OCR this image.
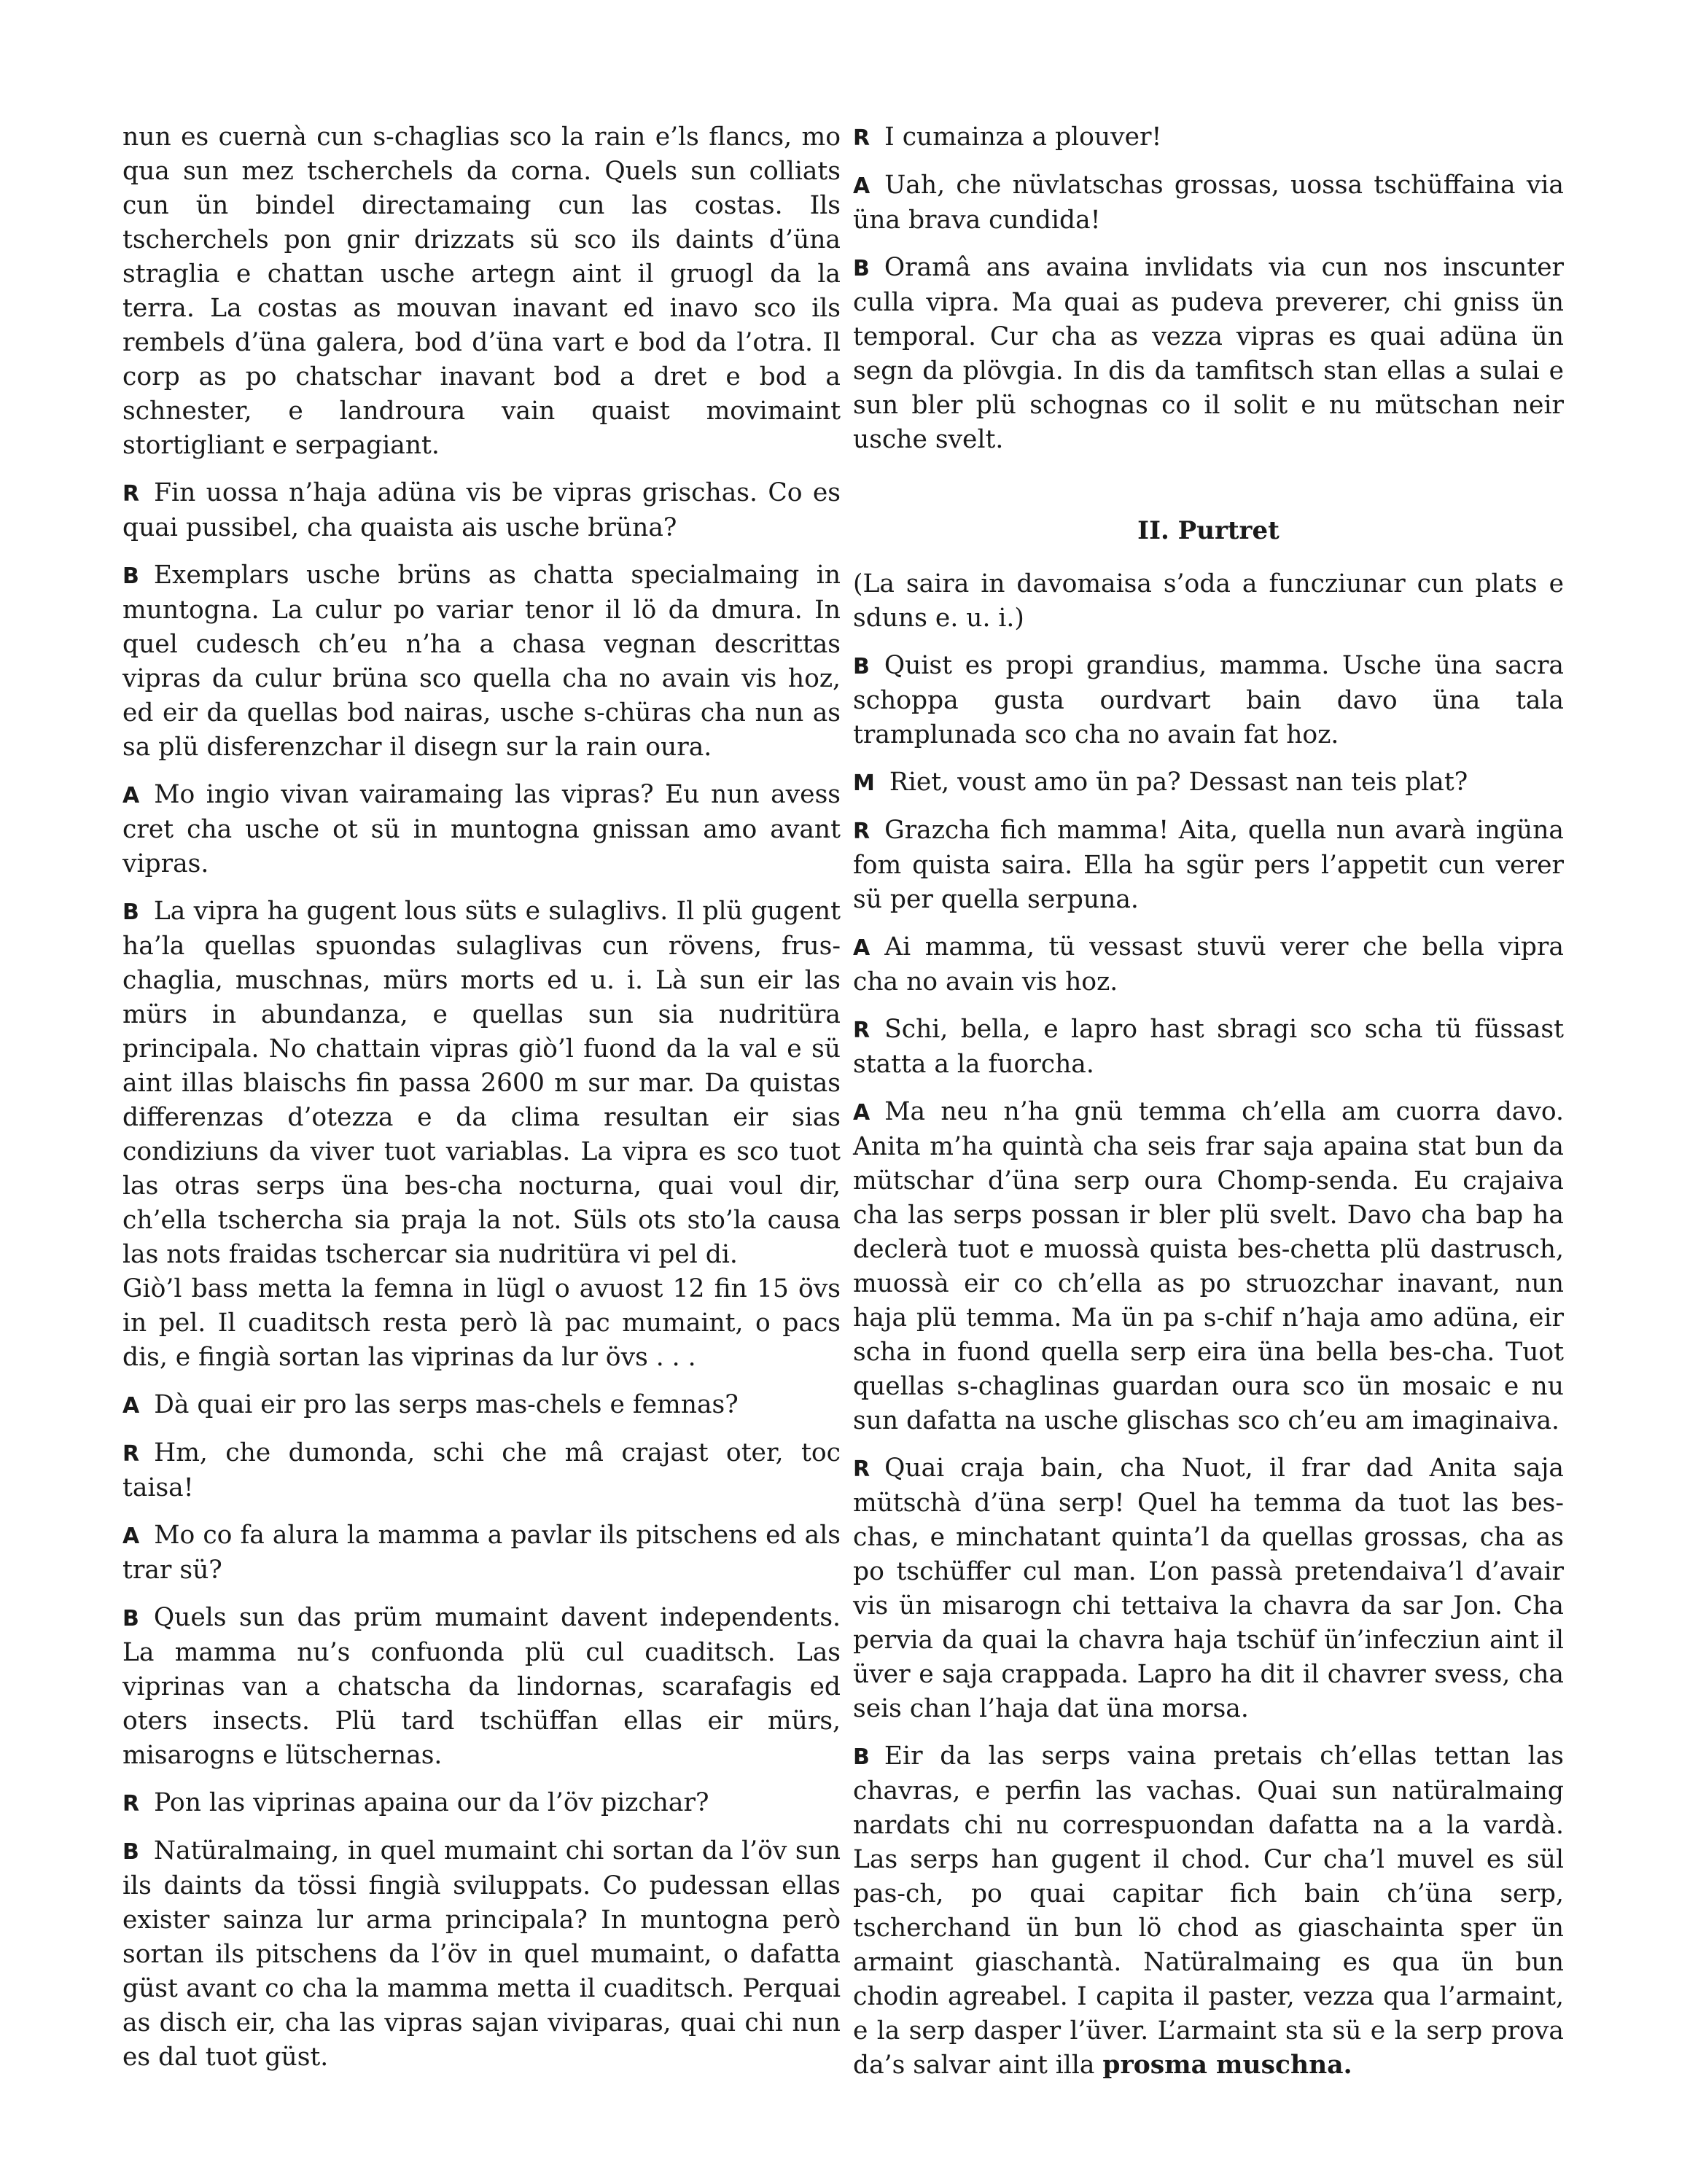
nun es cuernà cun s-chaglias sco la rain e’ls flancs, mo qua sun mez tscherchels da corna. Quels sun colliats cun ün bindel directamaing cun las costas. Ils tscherchels pon gnir drizzats sü sco ils daints d’üna straglia e chattan usche artegn aint il gruogl da la terra. La costas as mouvan inavant ed inavo sco ils rembels d’üna galera, bod d’üna vart e bod da l’otra. Il corp as po chatschar inavant bod a dret e bod a schnester, e landroura vain quaist movimaint stortigliant e serpagiant.

R Fin uossa n’haja adüna vis be vipras grischas. Co es quai pussibel, cha quaista ais usche brüna?

B Exemplars usche brüns as chatta specialmaing in muntogna. La culur po variar tenor il lö da dmura. In quel cudesch ch’eu n’ha a chasa vegnan descrittas vipras da culur brüna sco quella cha no avain vis hoz, ed eir da quellas bod nairas, usche s-chüras cha nun as sa plü disferenzchar il disegn sur la rain oura.

A Mo ingio vivan vairamaing las vipras? Eu nun avess cret cha usche ot sü in muntogna gnissan amo avant vipras.

B La vipra ha gugent lous süts e sulaglivs. Il plü gugent ha’la quellas spuondas sulaglivas cun rövens, frus-chaglia, muschnas, mürs morts ed u. i. Là sun eir las mürs in abundanza, e quellas sun sia nudritüra principala. No chattain vipras giò’l fuond da la val e sü aint illas blaischs fin passa 2600 m sur mar. Da quistas differenzas d’otezza e da clima resultan eir sias condiziuns da viver tuot variablas. La vipra es sco tuot las otras serps üna bes-cha nocturna, quai voul dir, ch’ella tschercha sia praja la not. Süls ots sto’la causa las nots fraidas tschercar sia nudritüra vi pel di.

Giò’l bass metta la femna in lügl o avuost 12 fin 15 övs in pel. Il cuaditsch resta però là pac mumaint, o pacs dis, e fingià sortan las viprinas da lur övs . . .

A Dà quai eir pro las serps mas-chels e femnas?

R Hm, che dumonda, schi che mâ crajast oter, toc taisa!

A Mo co fa alura la mamma a pavlar ils pitschens ed als trar sü?

B Quels sun das prüm mumaint davent independents. La mamma nu’s confuonda plü cul cuaditsch. Las viprinas van a chatscha da lindornas, scarafagis ed oters insects. Plü tard tschüffan ellas eir mürs, misarogns e lütschernas.

R Pon las viprinas apaina our da l’öv pizchar?

B Natüralmaing, in quel mumaint chi sortan da l’öv sun ils daints da tössi fingià sviluppats. Co pudessan ellas exister sainza lur arma principala? In muntogna però sortan ils pitschens da l’öv in quel mumaint, o dafatta güst avant co cha la mamma metta il cuaditsch. Perquai as disch eir, cha las vipras sajan viviparas, quai chi nun es dal tuot güst.

R I cumainza a plouver!

A Uah, che nüvlatschas grossas, uossa tschüffaina via üna brava cundida!

B Oramâ ans avaina invlidats via cun nos inscunter culla vipra. Ma quai as pudeva preverer, chi gniss ün temporal. Cur cha as vezza vipras es quai adüna ün segn da plövgia. In dis da tamfitsch stan ellas a sulai e sun bler plü schognas co il solit e nu mütschan neir usche svelt.

II. Purtret

(La saira in davomaisa s’oda a funcziunar cun plats e sduns e. u. i.)

B Quist es propi grandius, mamma. Usche üna sacra schoppa gusta ourdvart bain davo üna tala tramplunada sco cha no avain fat hoz.

M Riet, voust amo ün pa? Dessast nan teis plat?

R Grazcha fich mamma! Aita, quella nun avarà ingüna fom quista saira. Ella ha sgür pers l’appetit cun verer sü per quella serpuna.

A Ai mamma, tü vessast stuvü verer che bella vipra cha no avain vis hoz.

R Schi, bella, e lapro hast sbragi sco scha tü füssast statta a la fuorcha.

A Ma neu n’ha gnü temma ch’ella am cuorra davo. Anita m’ha quintà cha seis frar saja apaina stat bun da mütschar d’üna serp oura Chomp-senda. Eu crajaiva cha las serps possan ir bler plü svelt. Davo cha bap ha declerà tuot e muossà quista bes-chetta plü dastrusch, muossà eir co ch’ella as po struozchar inavant, nun haja plü temma. Ma ün pa s-chif n’haja amo adüna, eir scha in fuond quella serp eira üna bella bes-cha. Tuot quellas s-chaglinas guardan oura sco ün mosaic e nu sun dafatta na usche glischas sco ch’eu am imaginaiva.

R Quai craja bain, cha Nuot, il frar dad Anita saja mütschà d’üna serp! Quel ha temma da tuot las bes-chas, e minchatant quinta’l da quellas grossas, cha as po tschüffer cul man. L’on passà pretendaiva’l d’avair vis ün misarogn chi tettaiva la chavra da sar Jon. Cha pervia da quai la chavra haja tschüf ün’infecziun aint il üver e saja crappada. Lapro ha dit il chavrer svess, cha seis chan l’haja dat üna morsa.

B Eir da las serps vaina pretais ch’ellas tettan las chavras, e perfin las vachas. Quai sun natüralmaing nardats chi nu correspuondan dafatta na a la vardà. Las serps han gugent il chod. Cur cha’l muvel es sül pas-ch, po quai capitar fich bain ch’üna serp, tscherchand ün bun lö chod as giaschainta sper ün armaint giaschantà. Natüralmaing es qua ün bun chodin agreabel. I capita il paster, vezza qua l’armaint, e la serp dasper l’üver. L’armaint sta sü e la serp prova da’s salvar aint illa prosma muschna.
